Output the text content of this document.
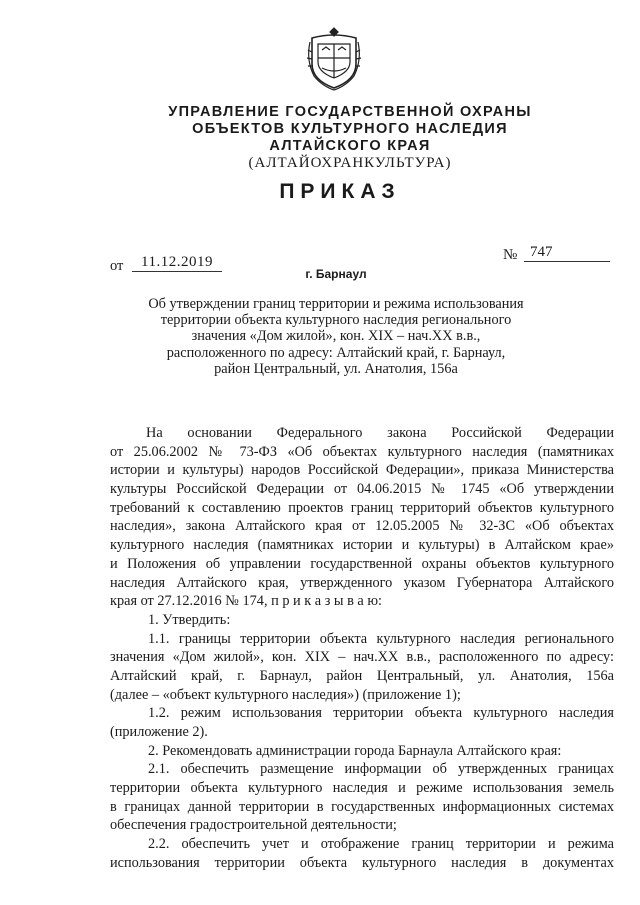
УПРАВЛЕНИЕ ГОСУДАРСТВЕННОЙ ОХРАНЫ
ОБЪЕКТОВ КУЛЬТУРНОГО НАСЛЕДИЯ
АЛТАЙСКОГО КРАЯ
(АЛТАЙОХРАНКУЛЬТУРА)
ПРИКАЗ
от	11.12.2019	№ 747
г. Барнаул
Об утверждении границ территории и режима использования
территории объекта культурного наследия регионального
значения «Дом жилой», кон. XIX – нач.XX в.в.,
расположенного по адресу: Алтайский край, г. Барнаул,
район Центральный, ул. Анатолия, 156а
На основании Федерального закона Российской Федерации
от 25.06.2002 № 73-ФЗ «Об объектах культурного наследия (памятниках
истории и культуры) народов Российской Федерации», приказа Министерства
культуры Российской Федерации от 04.06.2015 № 1745 «Об утверждении
требований к составлению проектов границ территорий объектов культурного
наследия», закона Алтайского края от 12.05.2005 № 32-ЗС «Об объектах
культурного наследия (памятниках истории и культуры) в Алтайском крае»
и Положения об управлении государственной охраны объектов культурного
наследия Алтайского края, утвержденного указом Губернатора Алтайского
края от 27.12.2016 № 174, п р и к а з ы в а ю:
1. Утвердить:
1.1. границы территории объекта культурного наследия регионального
значения «Дом жилой», кон. XIX – нач.XX в.в., расположенного по адресу:
Алтайский край, г. Барнаул, район Центральный, ул. Анатолия, 156а
(далее – «объект культурного наследия») (приложение 1);
1.2. режим использования территории объекта культурного наследия
(приложение 2).
2. Рекомендовать администрации города Барнаула Алтайского края:
2.1. обеспечить размещение информации об утвержденных границах
территории объекта культурного наследия и режиме использования земель
в границах данной территории в государственных информационных системах
обеспечения градостроительной деятельности;
2.2. обеспечить учет и отображение границ территории и режима
использования территории объекта культурного наследия в документах
